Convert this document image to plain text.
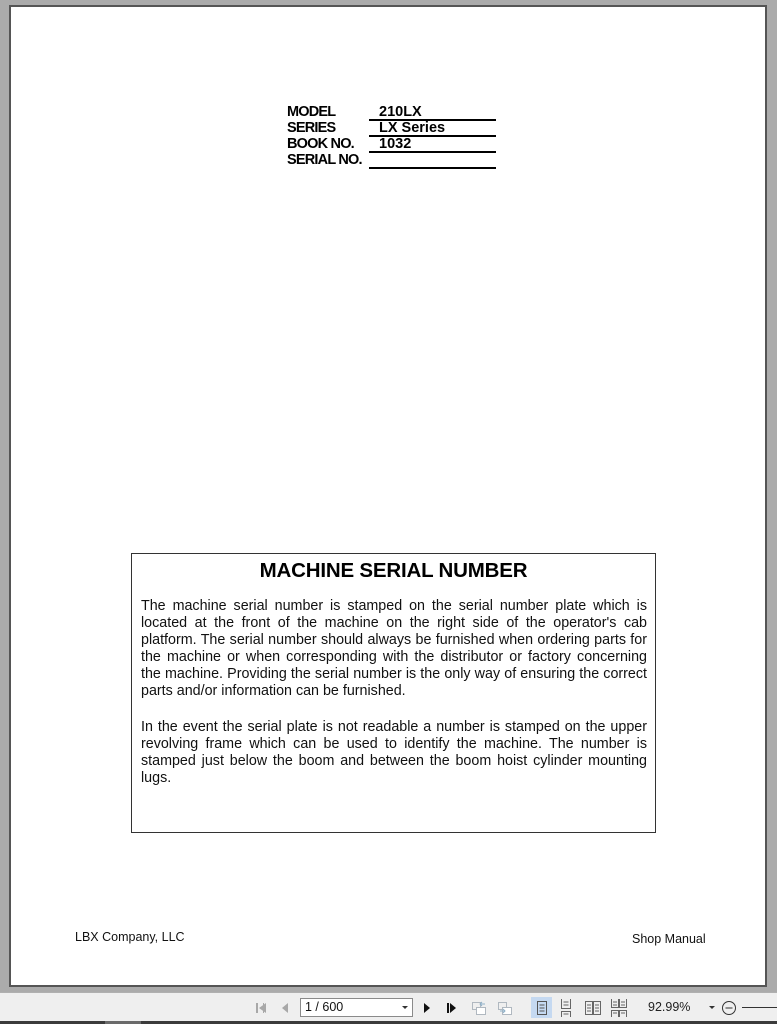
MODEL	210LX
SERIES	LX Series
BOOK NO. 1032
SERIAL NO.
MACHINE SERIAL NUMBER
The machine serial number is stamped on the serial number plate which is located at the front of the machine on the right side of the operator's cab platform. The serial number should always be furnished when ordering parts for the machine or when corresponding with the distributor or factory concerning the machine. Providing the serial number is the only way of ensuring the correct parts and/or information can be furnished.
In the event the serial plate is not readable a number is stamped on the upper revolving frame which can be used to identify the machine. The number is stamped just below the boom and between the boom hoist cylinder mounting lugs.
LBX Company, LLC	Shop Manual
1 / 600	92.99%
